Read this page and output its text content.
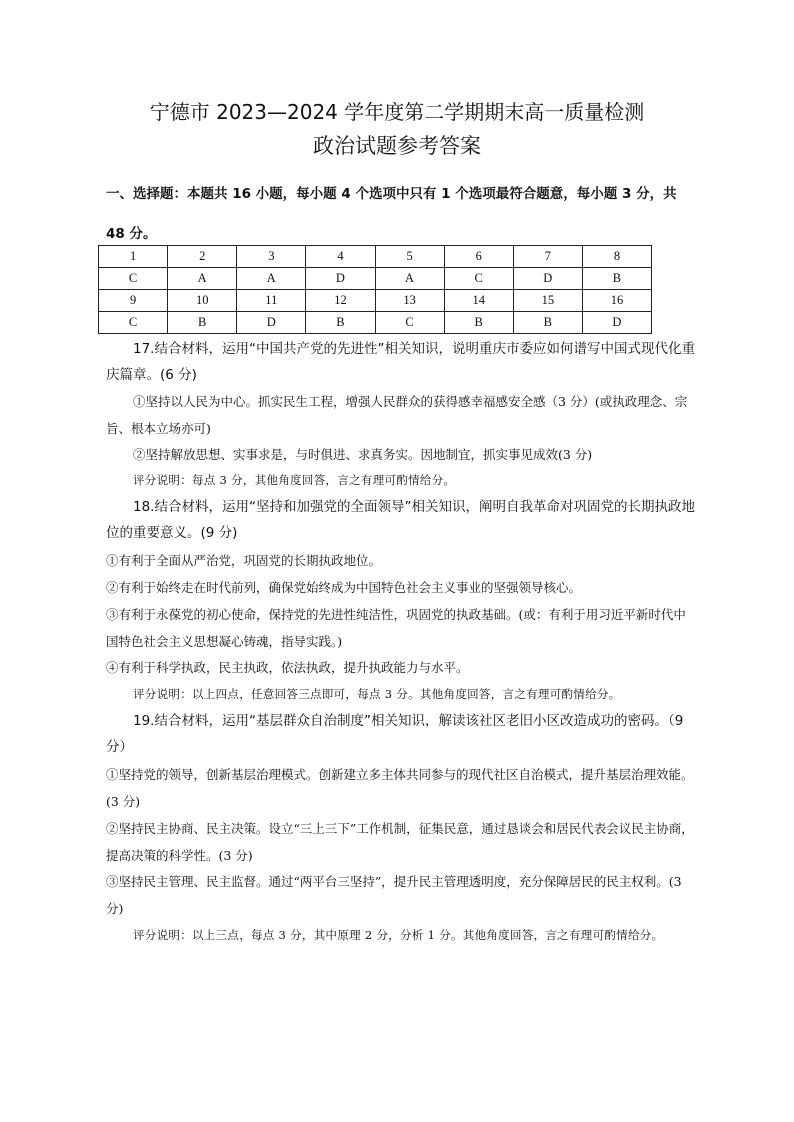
宁德市 2023—2024 学年度第二学期期末高一质量检测
政治试题参考答案
一、选择题：本题共 16 小题，每小题 4 个选项中只有 1 个选项最符合题意，每小题 3 分，共 48 分。
1	2	3	4	5	6	7	8
C	A	A	D	A	C	D	B
9	10	11	12	13	14	15	16
C	B	D	B	C	B	B	D
17.结合材料，运用“中国共产党的先进性”相关知识，说明重庆市委应如何谱写中国式现代化重庆篇章。(6 分)
①坚持以人民为中心。抓实民生工程，增强人民群众的获得感幸福感安全感（3 分）(或执政理念、宗旨、根本立场亦可)
②坚持解放思想、实事求是，与时俱进、求真务实。因地制宜，抓实事见成效(3 分)
评分说明：每点 3 分，其他角度回答，言之有理可酌情给分。
18.结合材料，运用“坚持和加强党的全面领导”相关知识，阐明自我革命对巩固党的长期执政地位的重要意义。(9 分)
①有利于全面从严治党，巩固党的长期执政地位。
②有利于始终走在时代前列，确保党始终成为中国特色社会主义事业的坚强领导核心。
③有利于永葆党的初心使命，保持党的先进性纯洁性，巩固党的执政基础。(或：有利于用习近平新时代中国特色社会主义思想凝心铸魂，指导实践。)
④有利于科学执政，民主执政，依法执政，提升执政能力与水平。
评分说明：以上四点，任意回答三点即可，每点 3 分。其他角度回答，言之有理可酌情给分。
19.结合材料，运用“基层群众自治制度”相关知识，解读该社区老旧小区改造成功的密码。（9 分）
①坚持党的领导，创新基层治理模式。创新建立多主体共同参与的现代社区自治模式，提升基层治理效能。(3 分)
②坚持民主协商、民主决策。设立“三上三下”工作机制，征集民意，通过恳谈会和居民代表会议民主协商，提高决策的科学性。(3 分)
③坚持民主管理、民主监督。通过“两平台三坚持”，提升民主管理透明度，充分保障居民的民主权利。(3 分)
评分说明：以上三点，每点 3 分，其中原理 2 分，分析 1 分。其他角度回答，言之有理可酌情给分。
